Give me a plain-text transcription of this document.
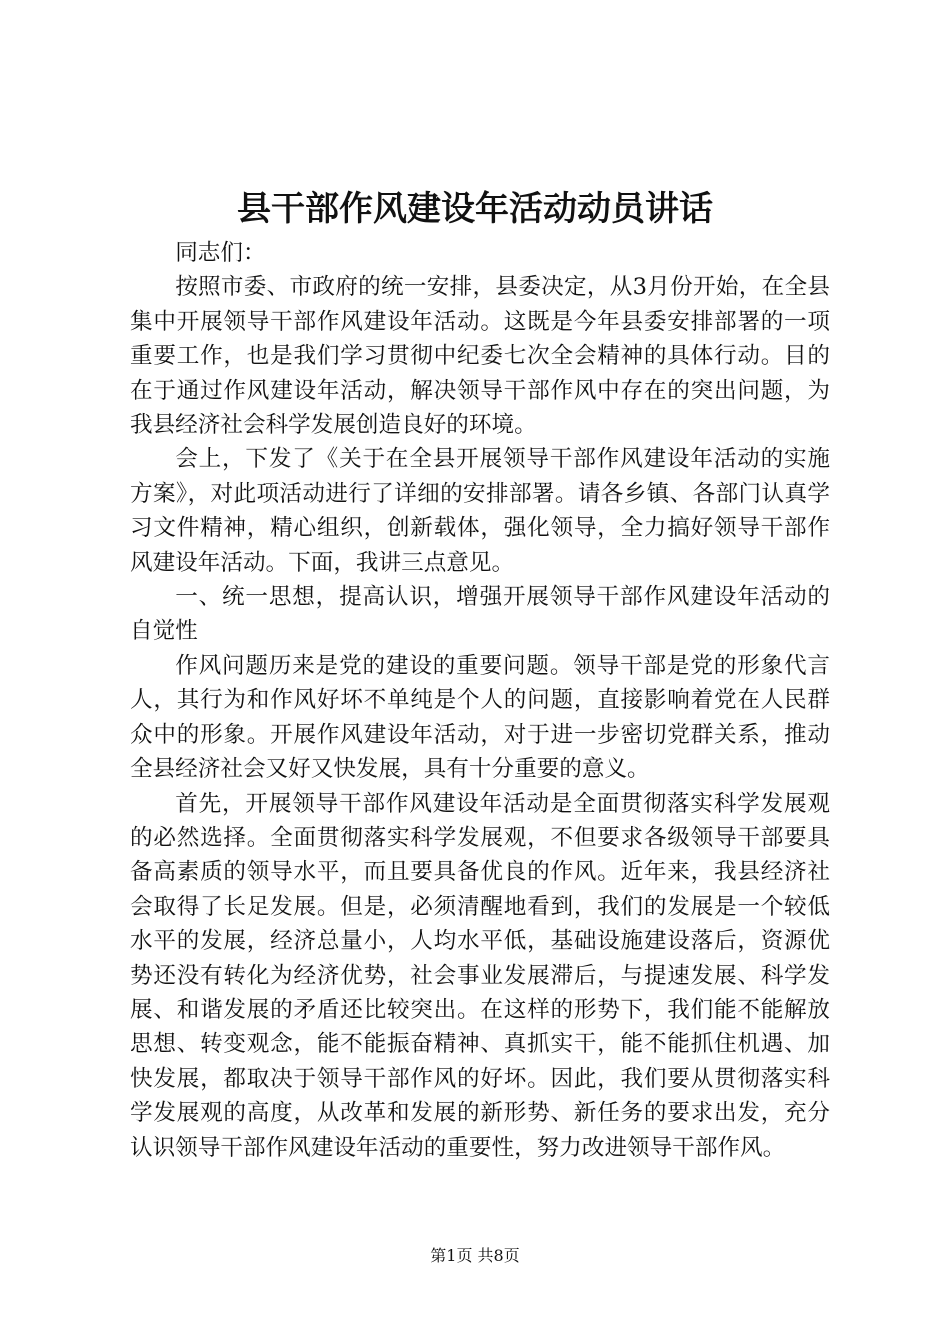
县干部作风建设年活动动员讲话

同志们：

按照市委、市政府的统一安排，县委决定，从3月份开始，在全县集中开展领导干部作风建设年活动。这既是今年县委安排部署的一项重要工作，也是我们学习贯彻中纪委七次全会精神的具体行动。目的在于通过作风建设年活动，解决领导干部作风中存在的突出问题，为我县经济社会科学发展创造良好的环境。

会上，下发了《关于在全县开展领导干部作风建设年活动的实施方案》，对此项活动进行了详细的安排部署。请各乡镇、各部门认真学习文件精神，精心组织，创新载体，强化领导，全力搞好领导干部作风建设年活动。下面，我讲三点意见。

一、统一思想，提高认识，增强开展领导干部作风建设年活动的自觉性

作风问题历来是党的建设的重要问题。领导干部是党的形象代言人，其行为和作风好坏不单纯是个人的问题，直接影响着党在人民群众中的形象。开展作风建设年活动，对于进一步密切党群关系，推动全县经济社会又好又快发展，具有十分重要的意义。

首先，开展领导干部作风建设年活动是全面贯彻落实科学发展观的必然选择。全面贯彻落实科学发展观，不但要求各级领导干部要具备高素质的领导水平，而且要具备优良的作风。近年来，我县经济社会取得了长足发展。但是，必须清醒地看到，我们的发展是一个较低水平的发展，经济总量小，人均水平低，基础设施建设落后，资源优势还没有转化为经济优势，社会事业发展滞后，与提速发展、科学发展、和谐发展的矛盾还比较突出。在这样的形势下，我们能不能解放思想、转变观念，能不能振奋精神、真抓实干，能不能抓住机遇、加快发展，都取决于领导干部作风的好坏。因此，我们要从贯彻落实科学发展观的高度，从改革和发展的新形势、新任务的要求出发，充分认识领导干部作风建设年活动的重要性，努力改进领导干部作风。

第1页 共8页
